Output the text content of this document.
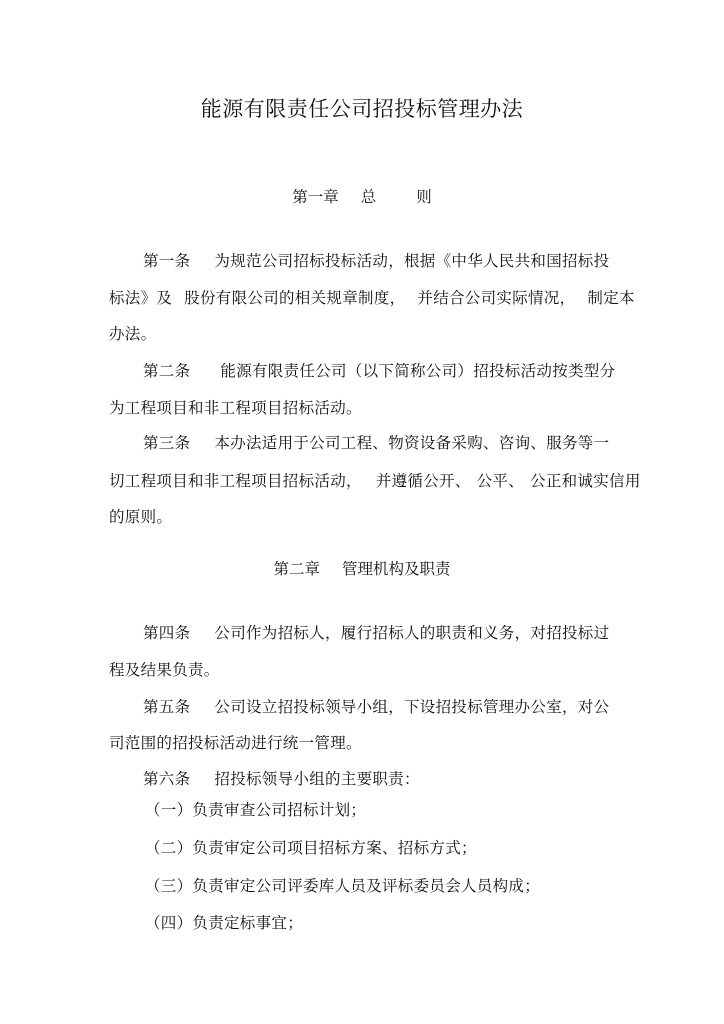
能源有限责任公司招投标管理办法
第一章 总	则
第一条 为规范公司招标投标活动，根据《中华人民共和国招标投
标法》及 股份有限公司的相关规章制度， 并结合公司实际情况， 制定本
办法。
第二条 能源有限责任公司（以下简称公司）招投标活动按类型分
为工程项目和非工程项目招标活动。
第三条 本办法适用于公司工程、物资设备采购、咨询、服务等一
切工程项目和非工程项目招标活动， 并遵循公开、 公平、 公正和诚实信用
的原则。
第二章 管理机构及职责
第四条 公司作为招标人，履行招标人的职责和义务，对招投标过
程及结果负责。
第五条 公司设立招投标领导小组，下设招投标管理办公室，对公
司范围的招投标活动进行统一管理。
第六条 招投标领导小组的主要职责：
（一）负责审查公司招标计划；
（二）负责审定公司项目招标方案、招标方式；
（三）负责审定公司评委库人员及评标委员会人员构成；
（四）负责定标事宜；
